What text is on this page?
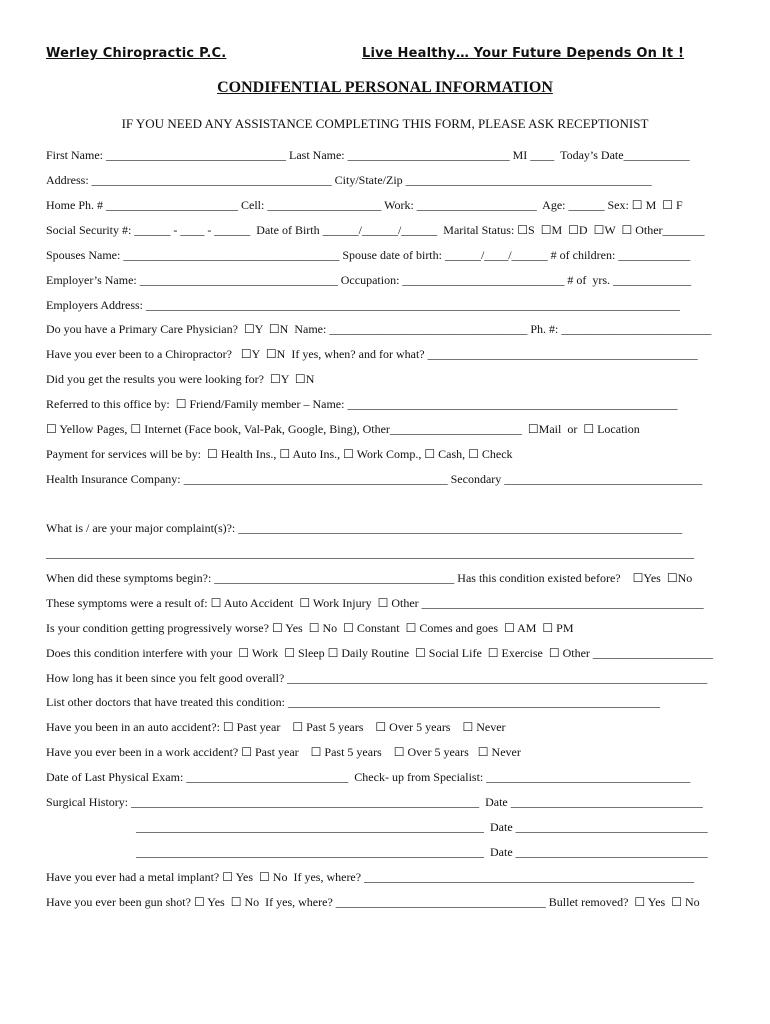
Werley Chiropractic P.C.	Live Healthy… Your Future Depends On It !
CONDIFENTIAL PERSONAL INFORMATION
IF YOU NEED ANY ASSISTANCE COMPLETING THIS FORM, PLEASE ASK RECEPTIONIST
First Name: ______________________________ Last Name: ___________________________ MI ____  Today’s Date___________
Address: ________________________________________ City/State/Zip _________________________________________
Home Ph. # ______________________ Cell: ___________________ Work: ____________________  Age: ______ Sex: ☐ M  ☐ F
Social Security #: ______ - ____ - ______  Date of Birth ______/______/______  Marital Status: ☐S  ☐M  ☐D  ☐W  ☐ Other_______
Spouses Name: ____________________________________ Spouse date of birth: ______/____/______ # of children: ____________
Employer’s Name: _________________________________ Occupation: ___________________________ # of  yrs. _____________
Employers Address: _________________________________________________________________________________________
Do you have a Primary Care Physician?  ☐Y  ☐N  Name: _________________________________ Ph. #: _________________________
Have you ever been to a Chiropractor?   ☐Y  ☐N  If yes, when? and for what? _____________________________________________
Did you get the results you were looking for?  ☐Y  ☐N
Referred to this office by:  ☐ Friend/Family member – Name: _______________________________________________________
☐ Yellow Pages, ☐ Internet (Face book, Val-Pak, Google, Bing), Other______________________  ☐Mail  or  ☐ Location
Payment for services will be by:  ☐ Health Ins., ☐ Auto Ins., ☐ Work Comp., ☐ Cash, ☐ Check
Health Insurance Company: ____________________________________________ Secondary _________________________________
What is / are your major complaint(s)?: __________________________________________________________________________
____________________________________________________________________________________________________________
When did these symptoms begin?: ________________________________________ Has this condition existed before?    ☐Yes  ☐No
These symptoms were a result of: ☐ Auto Accident  ☐ Work Injury  ☐ Other _______________________________________________
Is your condition getting progressively worse? ☐ Yes  ☐ No  ☐ Constant  ☐ Comes and goes  ☐ AM  ☐ PM
Does this condition interfere with your  ☐ Work  ☐ Sleep ☐ Daily Routine  ☐ Social Life  ☐ Exercise  ☐ Other ____________________
How long has it been since you felt good overall? ______________________________________________________________________
List other doctors that have treated this condition: ______________________________________________________________
Have you been in an auto accident?: ☐ Past year    ☐ Past 5 years    ☐ Over 5 years    ☐ Never
Have you ever been in a work accident? ☐ Past year    ☐ Past 5 years    ☐ Over 5 years   ☐ Never
Date of Last Physical Exam: ___________________________  Check- up from Specialist: __________________________________
Surgical History: __________________________________________________________  Date ________________________________
__________________________________________________________  Date ________________________________
__________________________________________________________  Date ________________________________
Have you ever had a metal implant? ☐ Yes  ☐ No  If yes, where? _______________________________________________________
Have you ever been gun shot? ☐ Yes  ☐ No  If yes, where? ___________________________________ Bullet removed?  ☐ Yes  ☐ No
